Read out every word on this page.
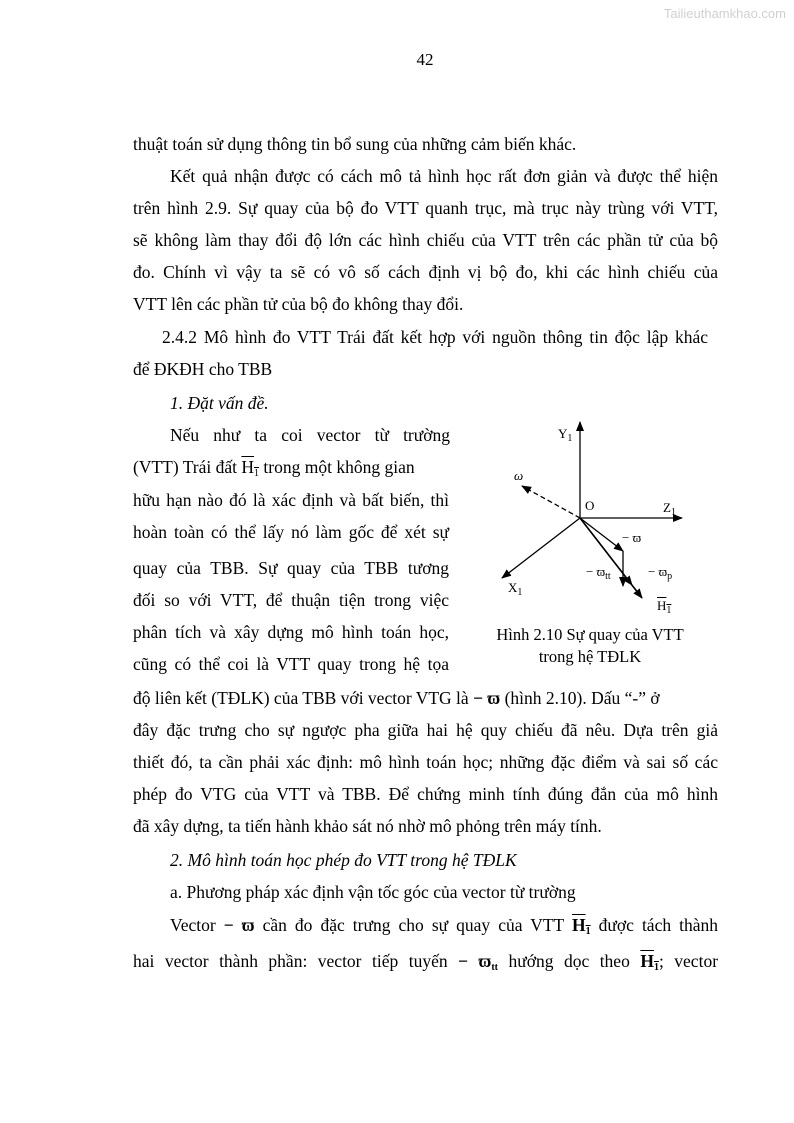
Tailieuthamkhao.com
42
thuật toán sử dụng thông tin bổ sung của những cảm biến khác.
Kết quả nhận được có cách mô tả hình học rất đơn giản và được thể hiện
trên hình 2.9. Sự quay của bộ đo VTT quanh trục, mà trục này trùng với VTT,
sẽ không làm thay đổi độ lớn các hình chiếu của VTT trên các phần tử của bộ
đo. Chính vì vậy ta sẽ có vô số cách định vị bộ đo, khi các hình chiếu của
VTT lên các phần tử của bộ đo không thay đổi.
2.4.2 Mô hình đo VTT Trái đất kết hợp với nguồn thông tin độc lập khác
để ĐKĐH cho TBB
1. Đặt vấn đề.
Nếu như ta coi vector từ trường
(VTT) Trái đất $H_1$ trong một không gian
hữu hạn nào đó là xác định và bất biến, thì
hoàn toàn có thể lấy nó làm gốc để xét sự
quay của TBB. Sự quay của TBB tương
đối so với VTT, để thuận tiện trong việc
phân tích và xây dựng mô hình toán học,
cũng có thể coi là VTT quay trong hệ tọa
độ liên kết (TĐLK) của TBB với vector VTG là − ϖ (hình 2.10). Dấu “-” ở
đây đặc trưng cho sự ngược pha giữa hai hệ quy chiếu đã nêu. Dựa trên giả
thiết đó, ta cần phải xác định: mô hình toán học; những đặc điểm và sai số các
phép đo VTG của VTT và TBB. Để chứng minh tính đúng đắn của mô hình
đã xây dựng, ta tiến hành khảo sát nó nhờ mô phỏng trên máy tính.
$Y_1$
ω
O	$Z_1$
$X_1$
− ϖ
− $ϖ_{tt}$	− $ϖ_p$
$H_1$
Hình 2.10 Sự quay của VTT
trong hệ TĐLK
2. Mô hình toán học phép đo VTT trong hệ TĐLK
a. Phương pháp xác định vận tốc góc của vector từ trường
Vector − ϖ cần đo đặc trưng cho sự quay của VTT $H_1$ được tách thành
hai vector thành phần: vector tiếp tuyến − $ϖ_{tt}$ hướng dọc theo $H_1$; vector
